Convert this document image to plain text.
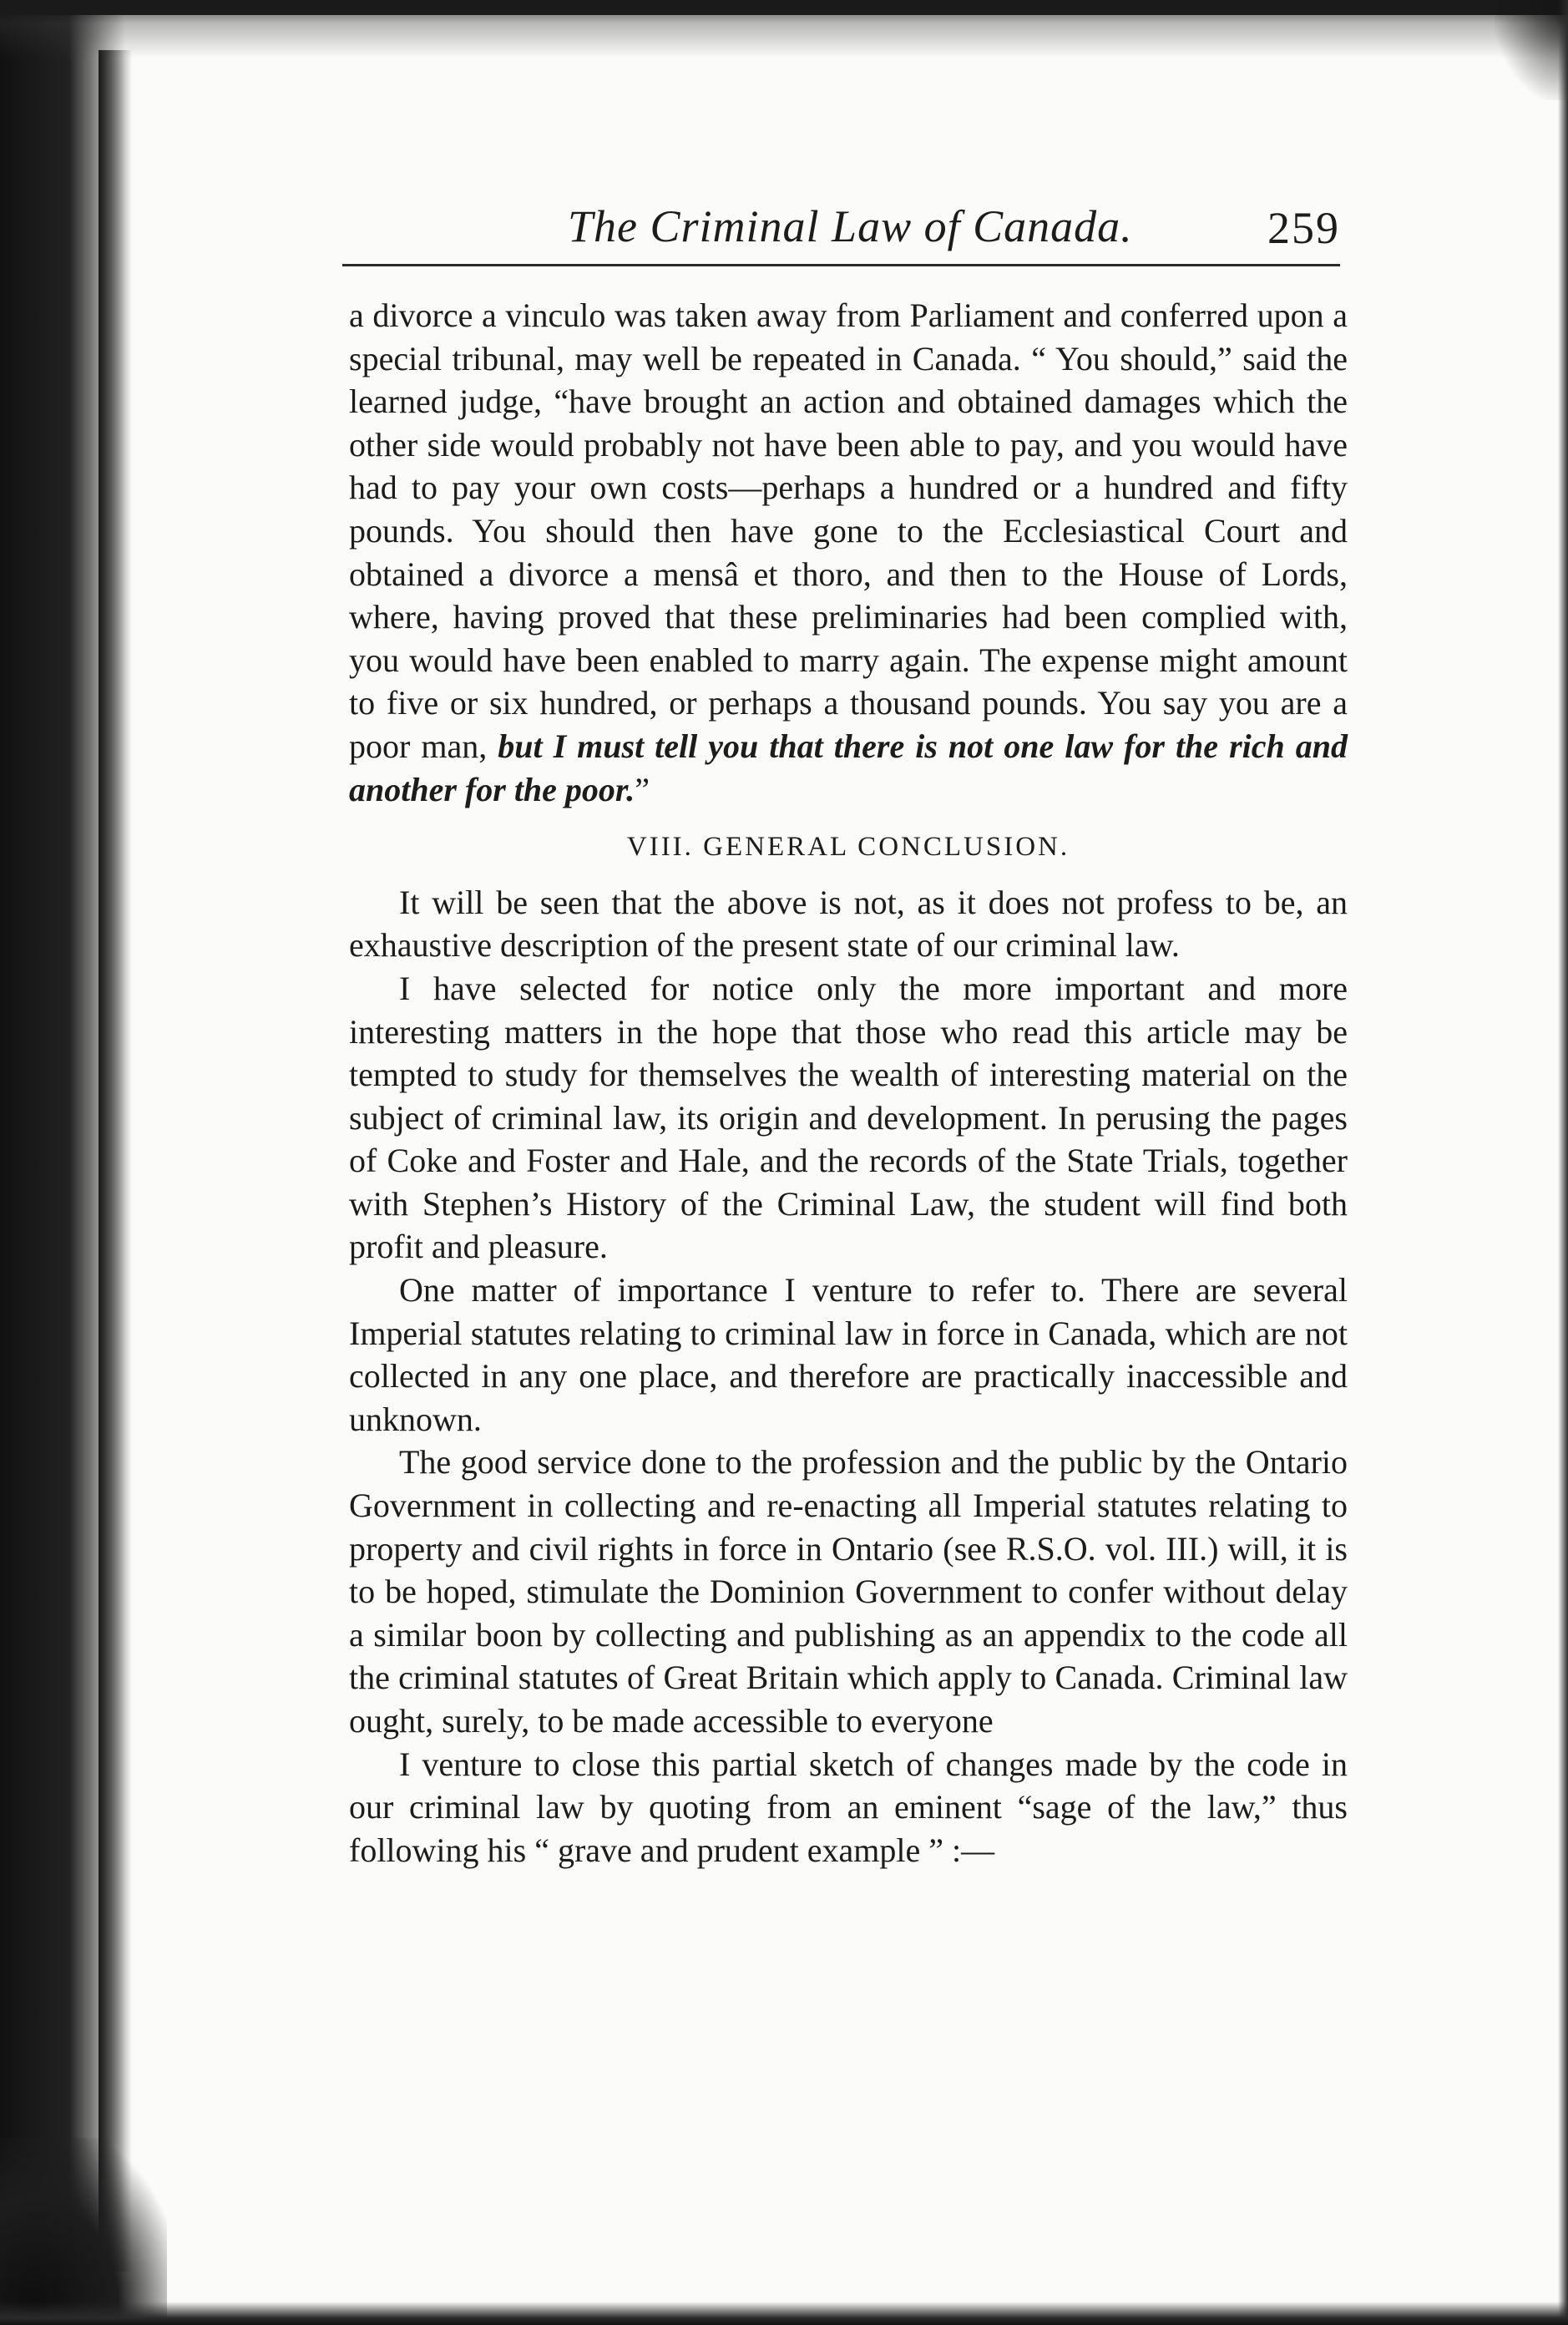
The Criminal Law of Canada.	259

a divorce a vinculo was taken away from Parliament and conferred upon a special tribunal, may well be repeated in Canada. “ You should,” said the learned judge, “have brought an action and obtained damages which the other side would probably not have been able to pay, and you would have had to pay your own costs—perhaps a hundred or a hundred and fifty pounds. You should then have gone to the Ecclesiastical Court and obtained a divorce a mensâ et thoro, and then to the House of Lords, where, having proved that these preliminaries had been complied with, you would have been enabled to marry again. The expense might amount to five or six hundred, or perhaps a thousand pounds. You say you are a poor man, but I must tell you that there is not one law for the rich and another for the poor.”

VIII. GENERAL CONCLUSION.

It will be seen that the above is not, as it does not profess to be, an exhaustive description of the present state of our criminal law.

I have selected for notice only the more important and more interesting matters in the hope that those who read this article may be tempted to study for themselves the wealth of interesting material on the subject of criminal law, its origin and development. In perusing the pages of Coke and Foster and Hale, and the records of the State Trials, together with Stephen’s History of the Criminal Law, the student will find both profit and pleasure.

One matter of importance I venture to refer to. There are several Imperial statutes relating to criminal law in force in Canada, which are not collected in any one place, and therefore are practically inaccessible and unknown.

The good service done to the profession and the public by the Ontario Government in collecting and re-enacting all Imperial statutes relating to property and civil rights in force in Ontario (see R.S.O. vol. III.) will, it is to be hoped, stimulate the Dominion Government to confer without delay a similar boon by collecting and publishing as an appendix to the code all the criminal statutes of Great Britain which apply to Canada. Criminal law ought, surely, to be made accessible to everyone

I venture to close this partial sketch of changes made by the code in our criminal law by quoting from an eminent “sage of the law,” thus following his “ grave and prudent example ” :—
